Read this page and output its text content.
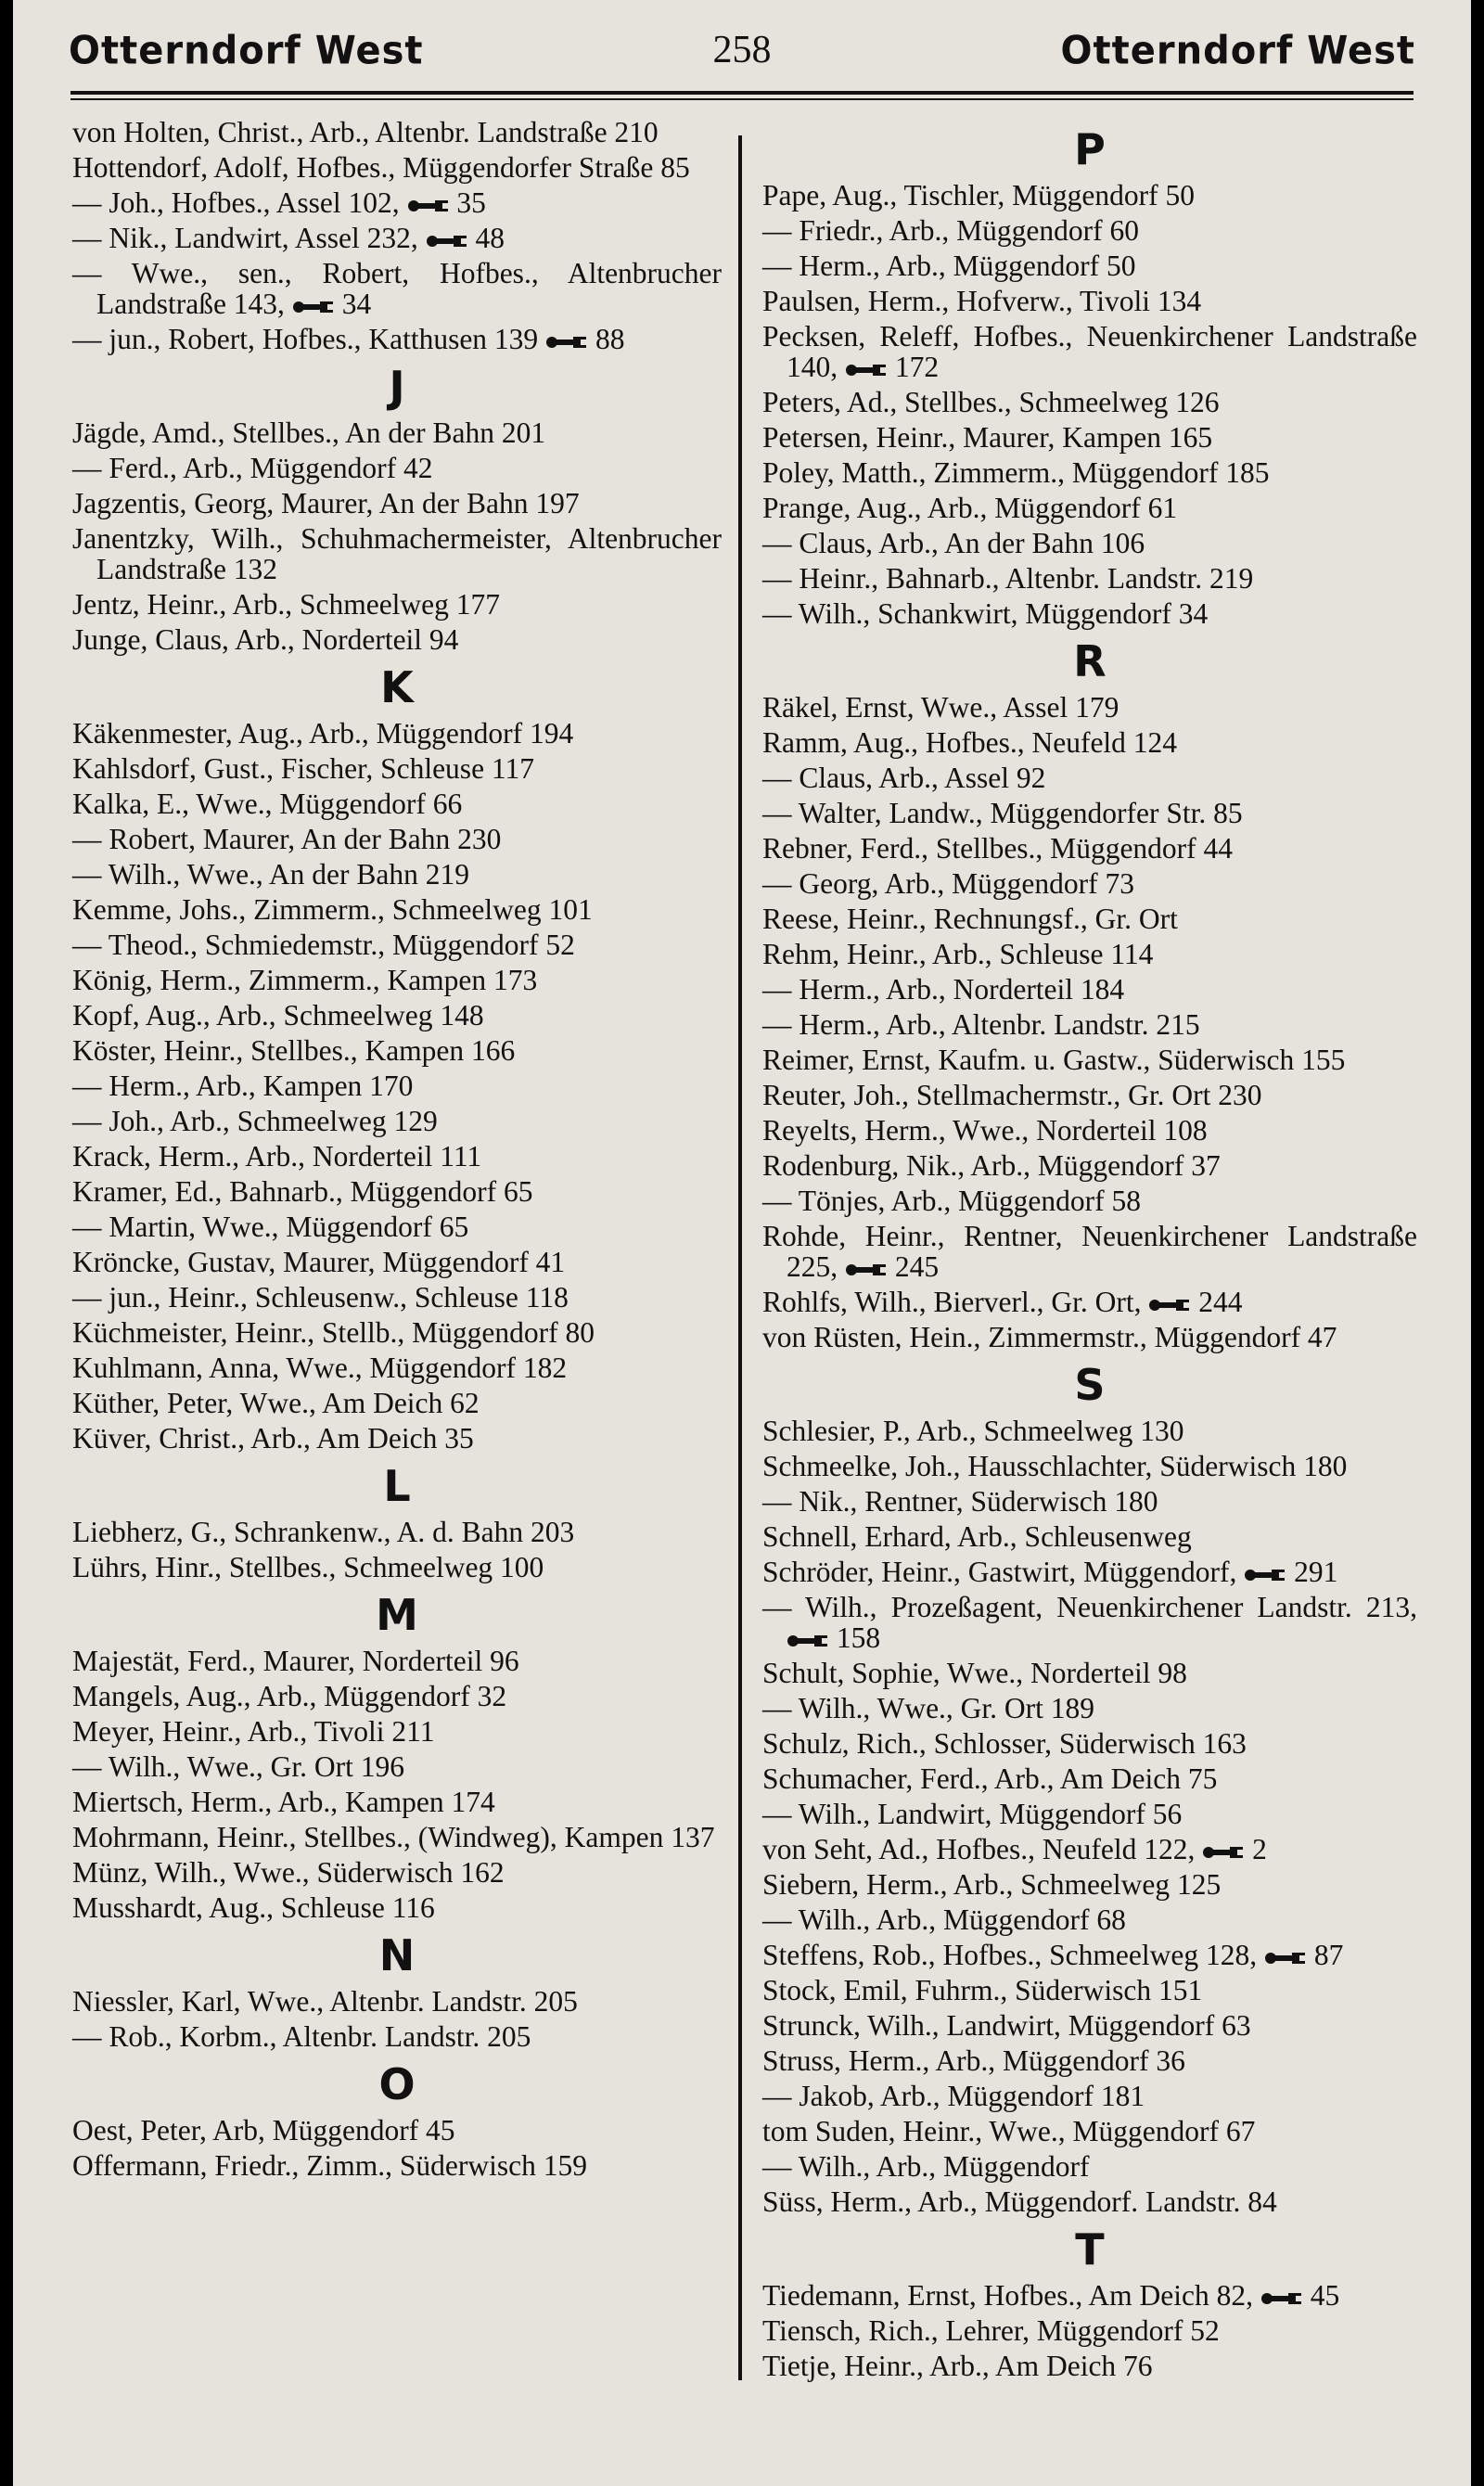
Otterndorf West	258	Otterndorf West
von Holten, Christ., Arb., Altenbr. Landstraße 210
Hottendorf, Adolf, Hofbes., Müggendorfer Straße 85
— Joh., Hofbes., Assel 102, 35
— Nik., Landwirt, Assel 232, 48
— Wwe., sen., Robert, Hofbes., Altenbrucher Landstraße 143, 34
— jun., Robert, Hofbes., Katthusen 139 88
J
Jägde, Amd., Stellbes., An der Bahn 201
— Ferd., Arb., Müggendorf 42
Jagzentis, Georg, Maurer, An der Bahn 197
Janentzky, Wilh., Schuhmachermeister, Altenbrucher Landstraße 132
Jentz, Heinr., Arb., Schmeelweg 177
Junge, Claus, Arb., Norderteil 94
K
Käkenmester, Aug., Arb., Müggendorf 194
Kahlsdorf, Gust., Fischer, Schleuse 117
Kalka, E., Wwe., Müggendorf 66
— Robert, Maurer, An der Bahn 230
— Wilh., Wwe., An der Bahn 219
Kemme, Johs., Zimmerm., Schmeelweg 101
— Theod., Schmiedemstr., Müggendorf 52
König, Herm., Zimmerm., Kampen 173
Kopf, Aug., Arb., Schmeelweg 148
Köster, Heinr., Stellbes., Kampen 166
— Herm., Arb., Kampen 170
— Joh., Arb., Schmeelweg 129
Krack, Herm., Arb., Norderteil 111
Kramer, Ed., Bahnarb., Müggendorf 65
— Martin, Wwe., Müggendorf 65
Kröncke, Gustav, Maurer, Müggendorf 41
— jun., Heinr., Schleusenw., Schleuse 118
Küchmeister, Heinr., Stellb., Müggendorf 80
Kuhlmann, Anna, Wwe., Müggendorf 182
Küther, Peter, Wwe., Am Deich 62
Küver, Christ., Arb., Am Deich 35
L
Liebherz, G., Schrankenw., A. d. Bahn 203
Lührs, Hinr., Stellbes., Schmeelweg 100
M
Majestät, Ferd., Maurer, Norderteil 96
Mangels, Aug., Arb., Müggendorf 32
Meyer, Heinr., Arb., Tivoli 211
— Wilh., Wwe., Gr. Ort 196
Miertsch, Herm., Arb., Kampen 174
Mohrmann, Heinr., Stellbes., (Windweg), Kampen 137
Münz, Wilh., Wwe., Süderwisch 162
Musshardt, Aug., Schleuse 116
N
Niessler, Karl, Wwe., Altenbr. Landstr. 205
— Rob., Korbm., Altenbr. Landstr. 205
O
Oest, Peter, Arb, Müggendorf 45
Offermann, Friedr., Zimm., Süderwisch 159
P
Pape, Aug., Tischler, Müggendorf 50
— Friedr., Arb., Müggendorf 60
— Herm., Arb., Müggendorf 50
Paulsen, Herm., Hofverw., Tivoli 134
Pecksen, Releff, Hofbes., Neuenkirchener Landstraße 140, 172
Peters, Ad., Stellbes., Schmeelweg 126
Petersen, Heinr., Maurer, Kampen 165
Poley, Matth., Zimmerm., Müggendorf 185
Prange, Aug., Arb., Müggendorf 61
— Claus, Arb., An der Bahn 106
— Heinr., Bahnarb., Altenbr. Landstr. 219
— Wilh., Schankwirt, Müggendorf 34
R
Räkel, Ernst, Wwe., Assel 179
Ramm, Aug., Hofbes., Neufeld 124
— Claus, Arb., Assel 92
— Walter, Landw., Müggendorfer Str. 85
Rebner, Ferd., Stellbes., Müggendorf 44
— Georg, Arb., Müggendorf 73
Reese, Heinr., Rechnungsf., Gr. Ort
Rehm, Heinr., Arb., Schleuse 114
— Herm., Arb., Norderteil 184
— Herm., Arb., Altenbr. Landstr. 215
Reimer, Ernst, Kaufm. u. Gastw., Süderwisch 155
Reuter, Joh., Stellmachermstr., Gr. Ort 230
Reyelts, Herm., Wwe., Norderteil 108
Rodenburg, Nik., Arb., Müggendorf 37
— Tönjes, Arb., Müggendorf 58
Rohde, Heinr., Rentner, Neuenkirchener Landstraße 225, 245
Rohlfs, Wilh., Bierverl., Gr. Ort, 244
von Rüsten, Hein., Zimmermstr., Müggendorf 47
S
Schlesier, P., Arb., Schmeelweg 130
Schmeelke, Joh., Hausschlachter, Süderwisch 180
— Nik., Rentner, Süderwisch 180
Schnell, Erhard, Arb., Schleusenweg
Schröder, Heinr., Gastwirt, Müggendorf, 291
— Wilh., Prozeßagent, Neuenkirchener Landstr. 213,
158
Schult, Sophie, Wwe., Norderteil 98
— Wilh., Wwe., Gr. Ort 189
Schulz, Rich., Schlosser, Süderwisch 163
Schumacher, Ferd., Arb., Am Deich 75
— Wilh., Landwirt, Müggendorf 56
von Seht, Ad., Hofbes., Neufeld 122, 2
Siebern, Herm., Arb., Schmeelweg 125
— Wilh., Arb., Müggendorf 68
Steffens, Rob., Hofbes., Schmeelweg 128, 87
Stock, Emil, Fuhrm., Süderwisch 151
Strunck, Wilh., Landwirt, Müggendorf 63
Struss, Herm., Arb., Müggendorf 36
— Jakob, Arb., Müggendorf 181
tom Suden, Heinr., Wwe., Müggendorf 67
— Wilh., Arb., Müggendorf
Süss, Herm., Arb., Müggendorf. Landstr. 84
T
Tiedemann, Ernst, Hofbes., Am Deich 82, 45
Tiensch, Rich., Lehrer, Müggendorf 52
Tietje, Heinr., Arb., Am Deich 76
